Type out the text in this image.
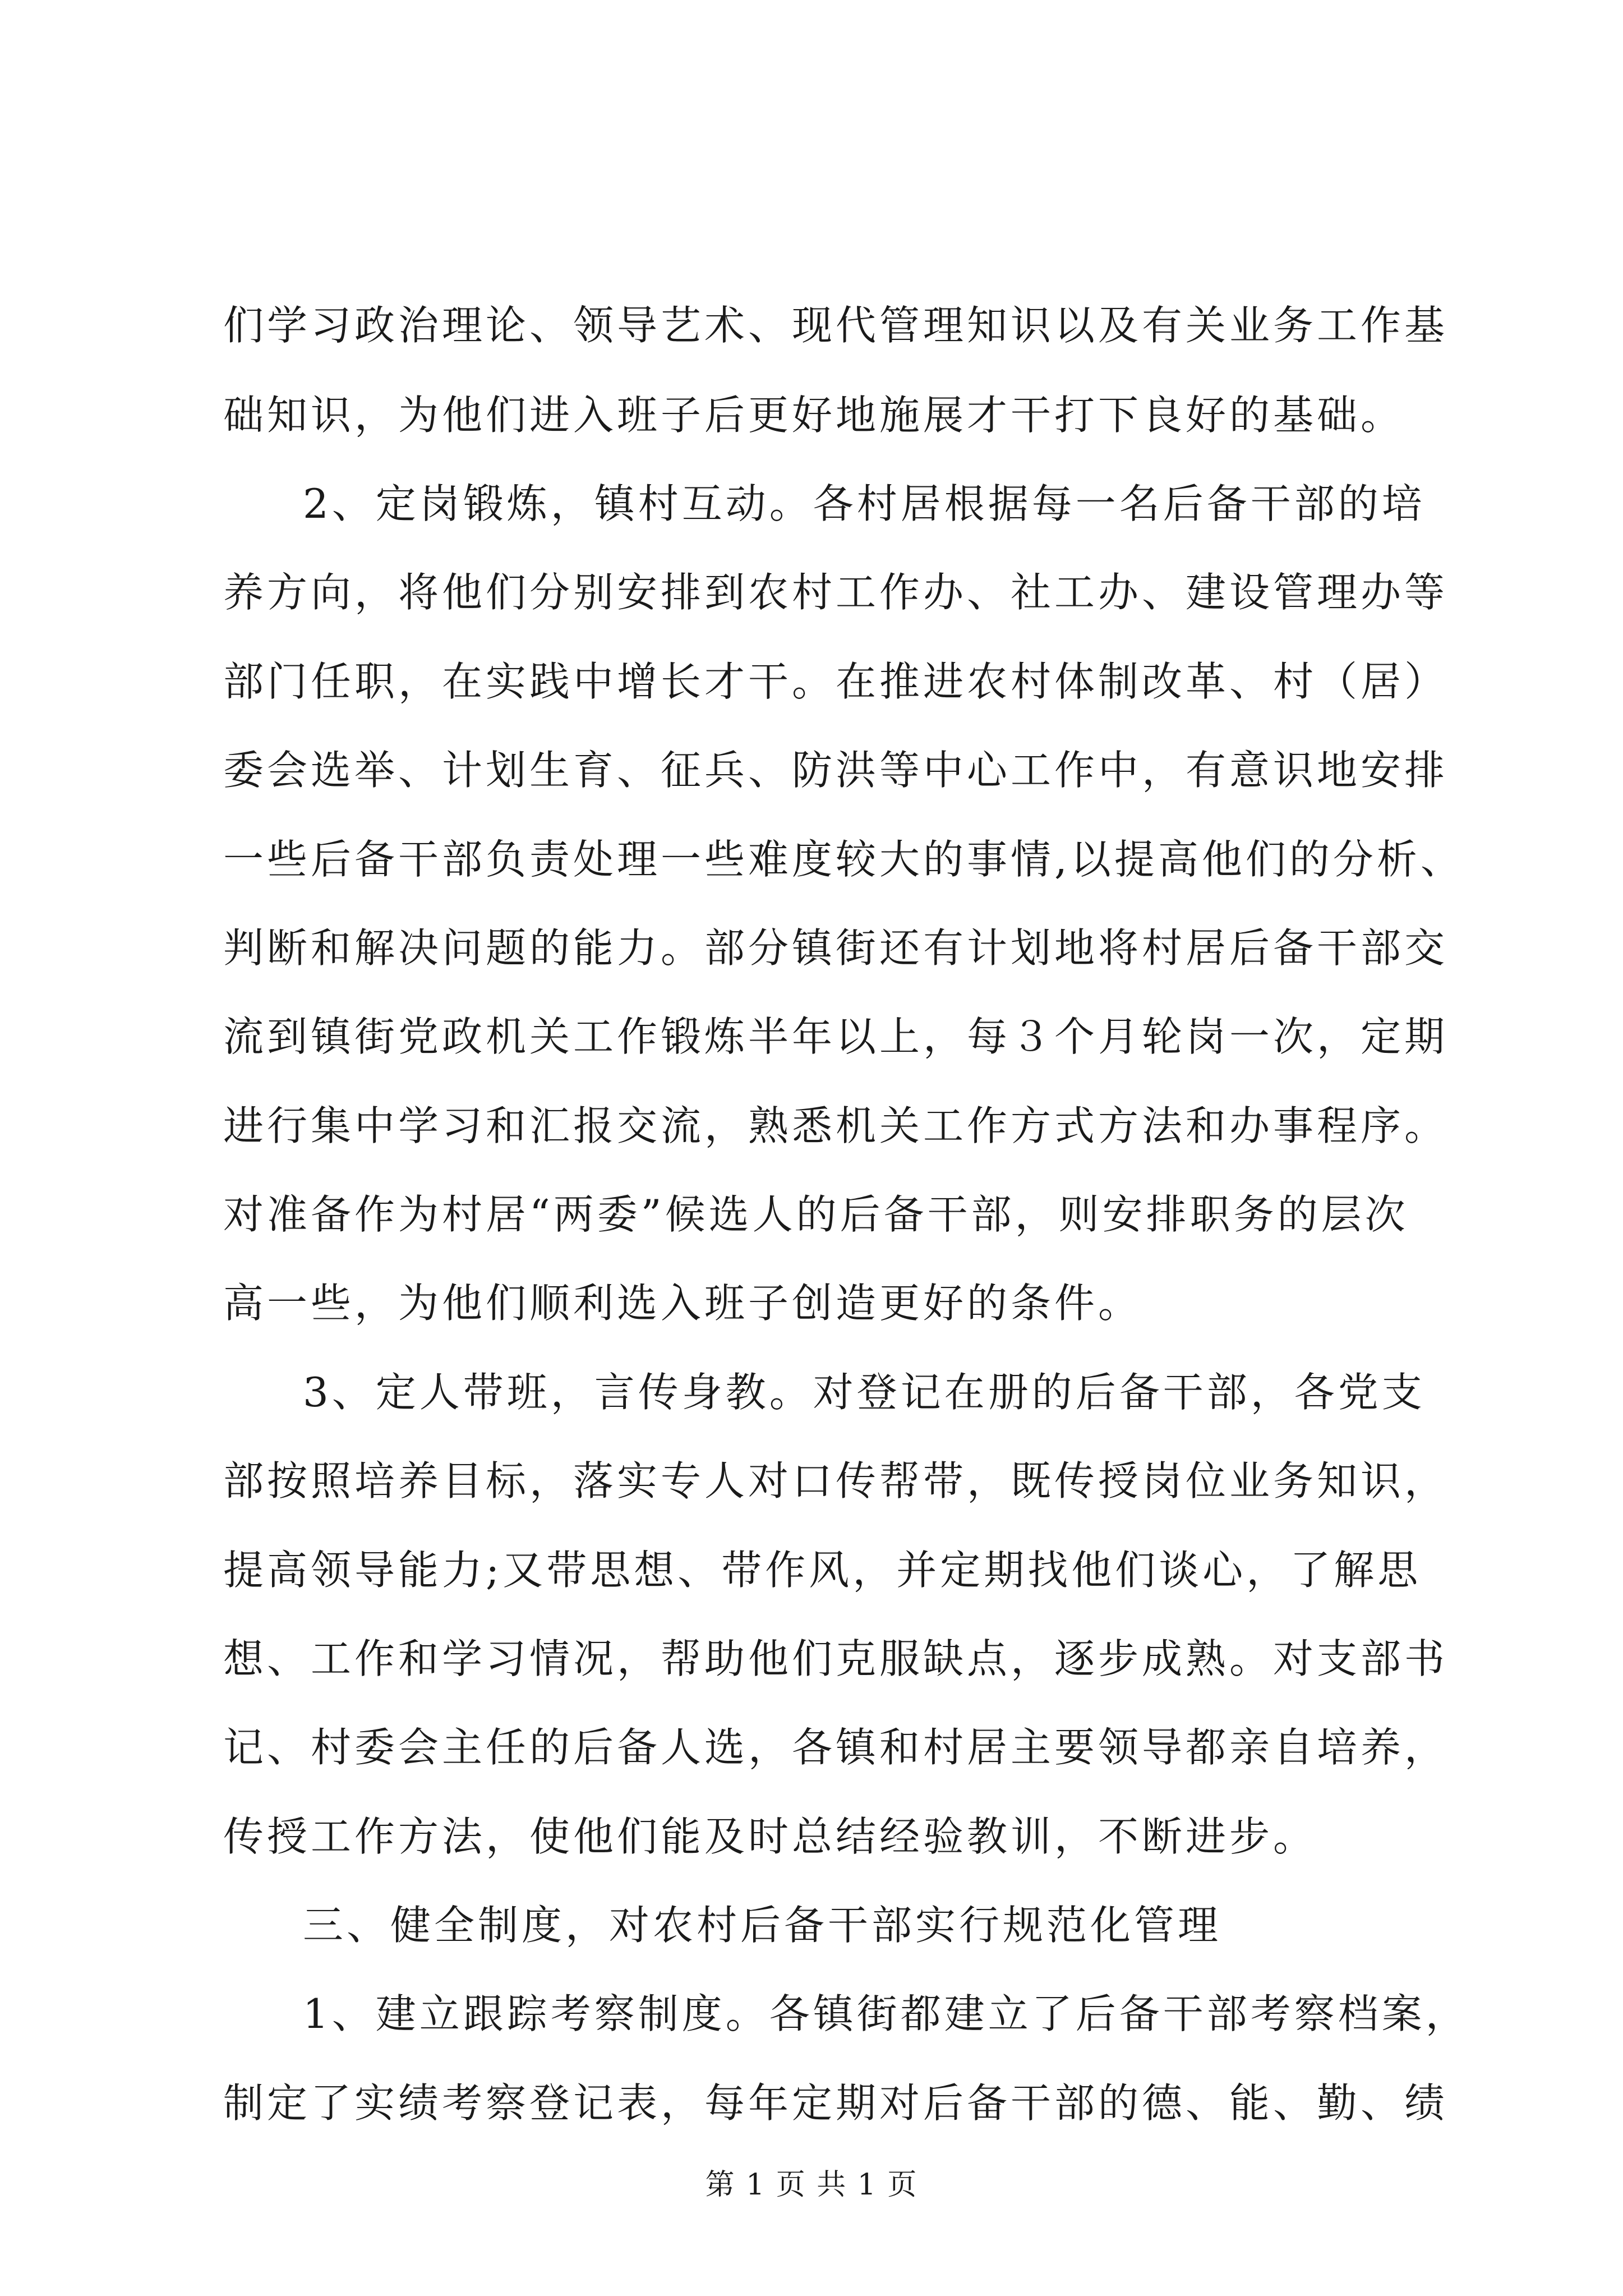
们学习政治理论、领导艺术、现代管理知识以及有关业务工作基
础知识，为他们进入班子后更好地施展才干打下良好的基础。
2、定岗锻炼，镇村互动。各村居根据每一名后备干部的培
养方向，将他们分别安排到农村工作办、社工办、建设管理办等
部门任职，在实践中增长才干。在推进农村体制改革、村（居）
委会选举、计划生育、征兵、防洪等中心工作中，有意识地安排
一些后备干部负责处理一些难度较大的事情,以提高他们的分析、
判断和解决问题的能力。部分镇街还有计划地将村居后备干部交
流到镇街党政机关工作锻炼半年以上，每３个月轮岗一次，定期
进行集中学习和汇报交流，熟悉机关工作方式方法和办事程序。
对准备作为村居“两委”候选人的后备干部，则安排职务的层次
高一些，为他们顺利选入班子创造更好的条件。
3、定人带班，言传身教。对登记在册的后备干部，各党支
部按照培养目标，落实专人对口传帮带，既传授岗位业务知识，
提高领导能力;又带思想、带作风，并定期找他们谈心，了解思
想、工作和学习情况，帮助他们克服缺点，逐步成熟。对支部书
记、村委会主任的后备人选，各镇和村居主要领导都亲自培养，
传授工作方法，使他们能及时总结经验教训，不断进步。
三、健全制度，对农村后备干部实行规范化管理
1、建立跟踪考察制度。各镇街都建立了后备干部考察档案，
制定了实绩考察登记表，每年定期对后备干部的德、能、勤、绩
第 1 页 共 1 页
